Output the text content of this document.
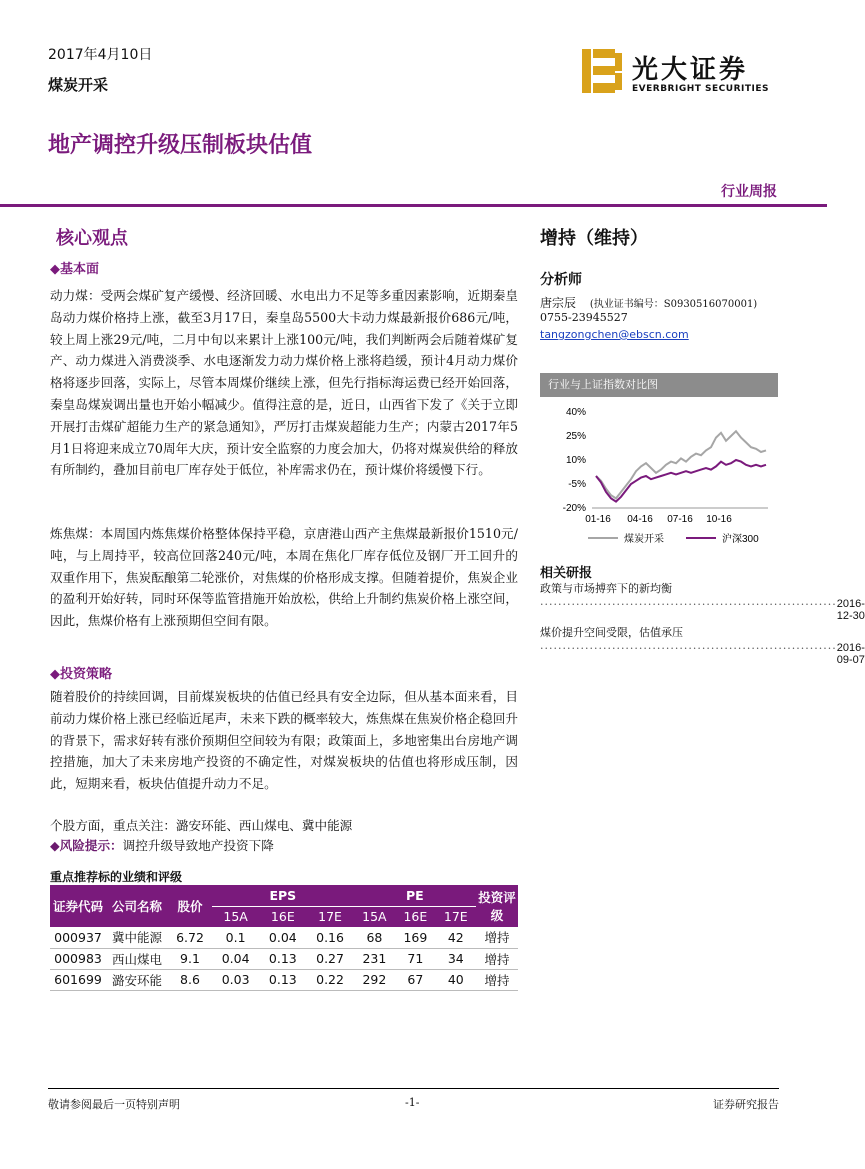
2017年4月10日
煤炭开采	光大证券
EVERBRIGHT SECURITIES
地产调控升级压制板块估值
行业周报
核心观点
◆基本面
动力煤：受两会煤矿复产缓慢、经济回暖、水电出力不足等多重因素影响，近期秦皇岛动力煤价格持上涨，截至3月17日，秦皇岛5500大卡动力煤最新报价686元/吨，较上周上涨29元/吨，二月中旬以来累计上涨100元/吨，我们判断两会后随着煤矿复产、动力煤进入消费淡季、水电逐渐发力动力煤价格上涨将趋缓，预计4月动力煤价格将逐步回落，实际上，尽管本周煤价继续上涨，但先行指标海运费已经开始回落，秦皇岛煤炭调出量也开始小幅减少。值得注意的是，近日，山西省下发了《关于立即开展打击煤矿超能力生产的紧急通知》，严厉打击煤炭超能力生产；内蒙古2017年5月1日将迎来成立70周年大庆，预计安全监察的力度会加大，仍将对煤炭供给的释放有所制约，叠加目前电厂库存处于低位，补库需求仍在，预计煤价将缓慢下行。
炼焦煤：本周国内炼焦煤价格整体保持平稳，京唐港山西产主焦煤最新报价1510元/吨，与上周持平，较高位回落240元/吨，本周在焦化厂库存低位及钢厂开工回升的双重作用下，焦炭酝酿第二轮涨价，对焦煤的价格形成支撑。但随着提价，焦炭企业的盈利开始好转，同时环保等监管措施开始放松，供给上升制约焦炭价格上涨空间，因此，焦煤价格有上涨预期但空间有限。
◆投资策略
随着股价的持续回调，目前煤炭板块的估值已经具有安全边际，但从基本面来看，目前动力煤价格上涨已经临近尾声，未来下跌的概率较大，炼焦煤在焦炭价格企稳回升的背景下，需求好转有涨价预期但空间较为有限；政策面上，多地密集出台房地产调控措施，加大了未来房地产投资的不确定性，对煤炭板块的估值也将形成压制，因此，短期来看，板块估值提升动力不足。
个股方面，重点关注：潞安环能、西山煤电、冀中能源
◆风险提示：调控升级导致地产投资下降
重点推荐标的业绩和评级
证券代码	公司名称	股价	EPS			PE			投资评级
			15A	16E	17E	15A	16E	17E	
000937	冀中能源	6.72	0.1	0.04	0.16	68	169	42	增持
000983	西山煤电	9.1	0.04	0.13	0.27	231	71	34	增持
601699	潞安环能	8.6	0.03	0.13	0.22	292	67	40	增持
增持（维持）
分析师
唐宗辰 (执业证书编号：S0930516070001)
0755-23945527
tangzongchen@ebscn.com
行业与上证指数对比图
40%
25%
10%
-5%
-20%
01-16 04-16 07-16 10-16
煤炭开采	沪深300
相关研报
政策与市场搏弈下的新均衡
·································································· 2016-12-30
煤价提升空间受限，估值承压
·································································· 2016-09-07
敬请参阅最后一页特别声明	-1-	证券研究报告
